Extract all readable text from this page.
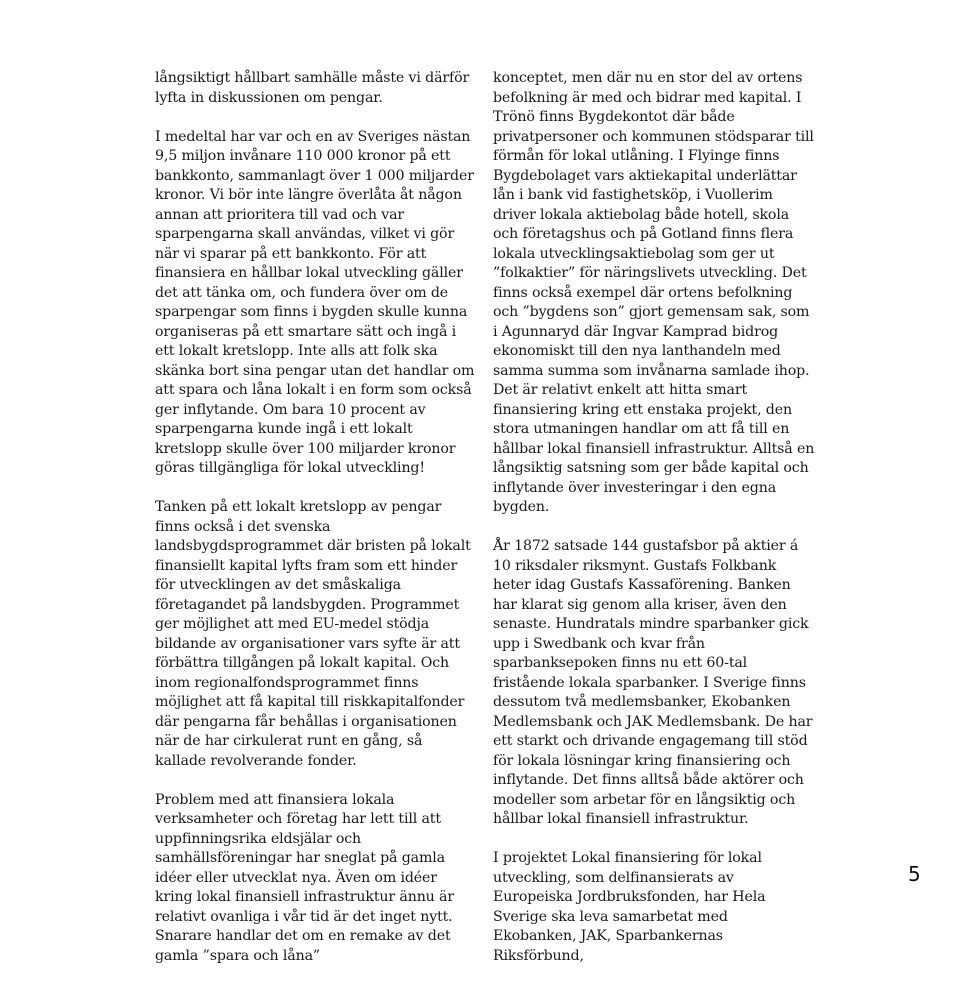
långsiktigt hållbart samhälle måste vi därför lyfta in diskussionen om pengar.

I medeltal har var och en av Sveriges nästan 9,5 miljon invånare 110 000 kronor på ett bankkonto, sammanlagt över 1 000 miljarder kronor. Vi bör inte längre överlåta åt någon annan att prioritera till vad och var sparpengarna skall användas, vilket vi gör när vi sparar på ett bankkonto. För att finansiera en hållbar lokal utveckling gäller det att tänka om, och fundera över om de sparpengar som finns i bygden skulle kunna organiseras på ett smartare sätt och ingå i ett lokalt kretslopp. Inte alls att folk ska skänka bort sina pengar utan det handlar om att spara och låna lokalt i en form som också ger inflytande. Om bara 10 procent av sparpengarna kunde ingå i ett lokalt kretslopp skulle över 100 miljarder kronor göras tillgängliga för lokal utveckling!

Tanken på ett lokalt kretslopp av pengar finns också i det svenska landsbygdsprogrammet där bristen på lokalt finansiellt kapital lyfts fram som ett hinder för utvecklingen av det småskaliga företagandet på landsbygden. Programmet ger möjlighet att med EU-medel stödja bildande av organisationer vars syfte är att förbättra tillgången på lokalt kapital. Och inom regionalfondsprogrammet finns möjlighet att få kapital till riskkapitalfonder där pengarna får behållas i organisationen när de har cirkulerat runt en gång, så kallade revolverande fonder.

Problem med att finansiera lokala verksamheter och företag har lett till att uppfinningsrika eldsjälar och samhällsföreningar har sneglat på gamla idéer eller utvecklat nya. Även om idéer kring lokal finansiell infrastruktur ännu är relativt ovanliga i vår tid är det inget nytt. Snarare handlar det om en remake av det gamla ”spara och låna”

konceptet, men där nu en stor del av ortens befolkning är med och bidrar med kapital. I Trönö finns Bygdekontot där både privatpersoner och kommunen stödsparar till förmån för lokal utlåning. I Flyinge finns Bygdebolaget vars aktiekapital underlättar lån i bank vid fastighetsköp, i Vuollerim driver lokala aktiebolag både hotell, skola och företagshus och på Gotland finns flera lokala utvecklingsaktiebolag som ger ut ”folkaktier” för näringslivets utveckling. Det finns också exempel där ortens befolkning och ”bygdens son” gjort gemensam sak, som i Agunnaryd där Ingvar Kamprad bidrog ekonomiskt till den nya lanthandeln med samma summa som invånarna samlade ihop. Det är relativt enkelt att hitta smart finansiering kring ett enstaka projekt, den stora utmaningen handlar om att få till en hållbar lokal finansiell infrastruktur. Alltså en långsiktig satsning som ger både kapital och inflytande över investeringar i den egna bygden.

År 1872 satsade 144 gustafsbor på aktier á 10 riksdaler riksmynt. Gustafs Folkbank heter idag Gustafs Kassaförening. Banken har klarat sig genom alla kriser, även den senaste. Hundratals mindre sparbanker gick upp i Swedbank och kvar från sparbanksepoken finns nu ett 60-tal fristående lokala sparbanker. I Sverige finns dessutom två medlemsbanker, Ekobanken Medlemsbank och JAK Medlemsbank. De har ett starkt och drivande engagemang till stöd för lokala lösningar kring finansiering och inflytande. Det finns alltså både aktörer och modeller som arbetar för en långsiktig och hållbar lokal finansiell infrastruktur.

I projektet Lokal finansiering för lokal utveckling, som delfinansierats av Europeiska Jordbruksfonden, har Hela Sverige ska leva samarbetat med Ekobanken, JAK, Sparbankernas Riksförbund,

5
